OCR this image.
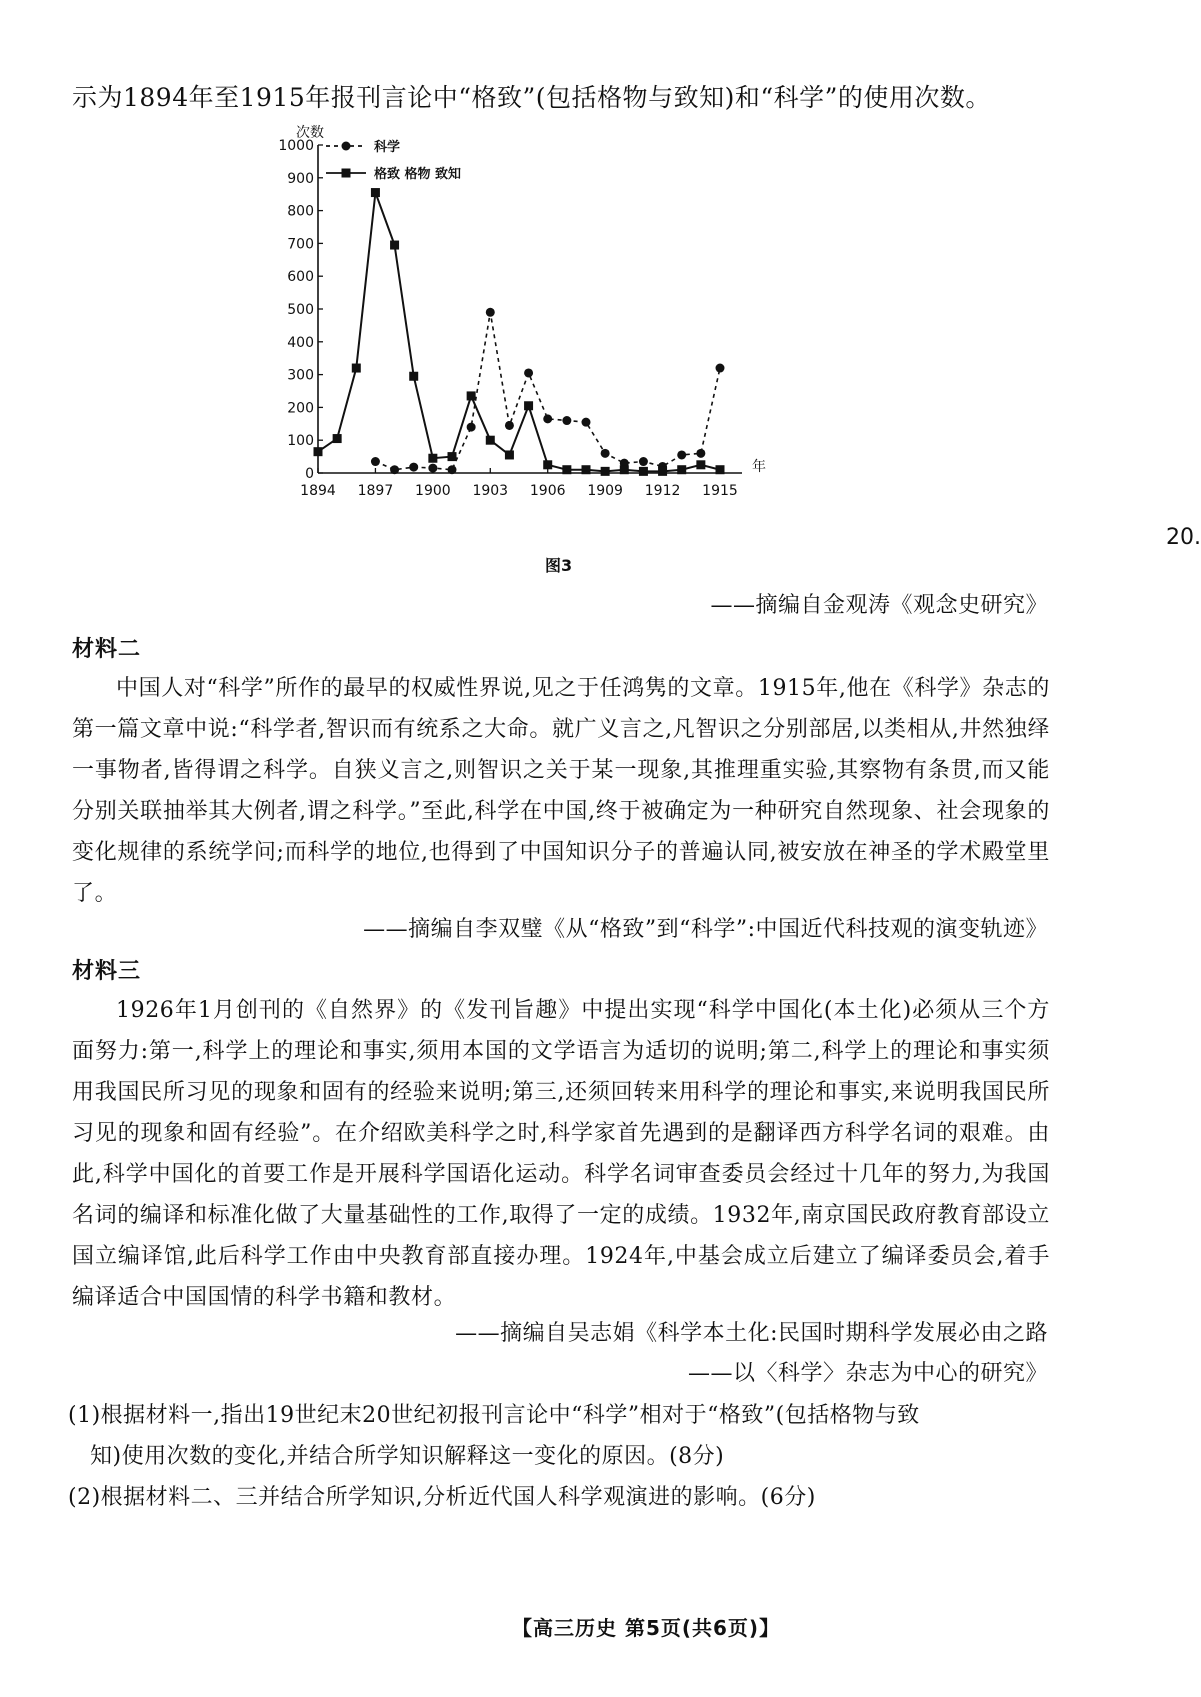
示为1894年至1915年报刊言论中“格致”(包括格物与致知)和“科学”的使用次数。
0
100
200
300
400
500
600
700
800
900
1000
1894 1897 1900 1903 1906 1909 1912 1915
次数
年
科学
格致 格物 致知
图3
20.
——摘编自金观涛《观念史研究》
材料二
中国人对“科学”所作的最早的权威性界说,见之于任鸿隽的文章。1915年,他在《科学》杂志的第一篇文章中说:“科学者,智识而有统系之大命。就广义言之,凡智识之分别部居,以类相从,井然独绎一事物者,皆得谓之科学。自狭义言之,则智识之关于某一现象,其推理重实验,其察物有条贯,而又能分别关联抽举其大例者,谓之科学。”至此,科学在中国,终于被确定为一种研究自然现象、社会现象的变化规律的系统学问;而科学的地位,也得到了中国知识分子的普遍认同,被安放在神圣的学术殿堂里了。
——摘编自李双璧《从“格致”到“科学”:中国近代科技观的演变轨迹》
材料三
1926年1月创刊的《自然界》的《发刊旨趣》中提出实现“科学中国化(本土化)必须从三个方面努力:第一,科学上的理论和事实,须用本国的文学语言为适切的说明;第二,科学上的理论和事实须用我国民所习见的现象和固有的经验来说明;第三,还须回转来用科学的理论和事实,来说明我国民所习见的现象和固有经验”。在介绍欧美科学之时,科学家首先遇到的是翻译西方科学名词的艰难。由此,科学中国化的首要工作是开展科学国语化运动。科学名词审查委员会经过十几年的努力,为我国名词的编译和标准化做了大量基础性的工作,取得了一定的成绩。1932年,南京国民政府教育部设立国立编译馆,此后科学工作由中央教育部直接办理。1924年,中基会成立后建立了编译委员会,着手编译适合中国国情的科学书籍和教材。
——摘编自吴志娟《科学本土化:民国时期科学发展必由之路
——以〈科学〉杂志为中心的研究》
(1)根据材料一,指出19世纪末20世纪初报刊言论中“科学”相对于“格致”(包括格物与致
知)使用次数的变化,并结合所学知识解释这一变化的原因。(8分)
(2)根据材料二、三并结合所学知识,分析近代国人科学观演进的影响。(6分)
【高三历史 第5页(共6页)】
